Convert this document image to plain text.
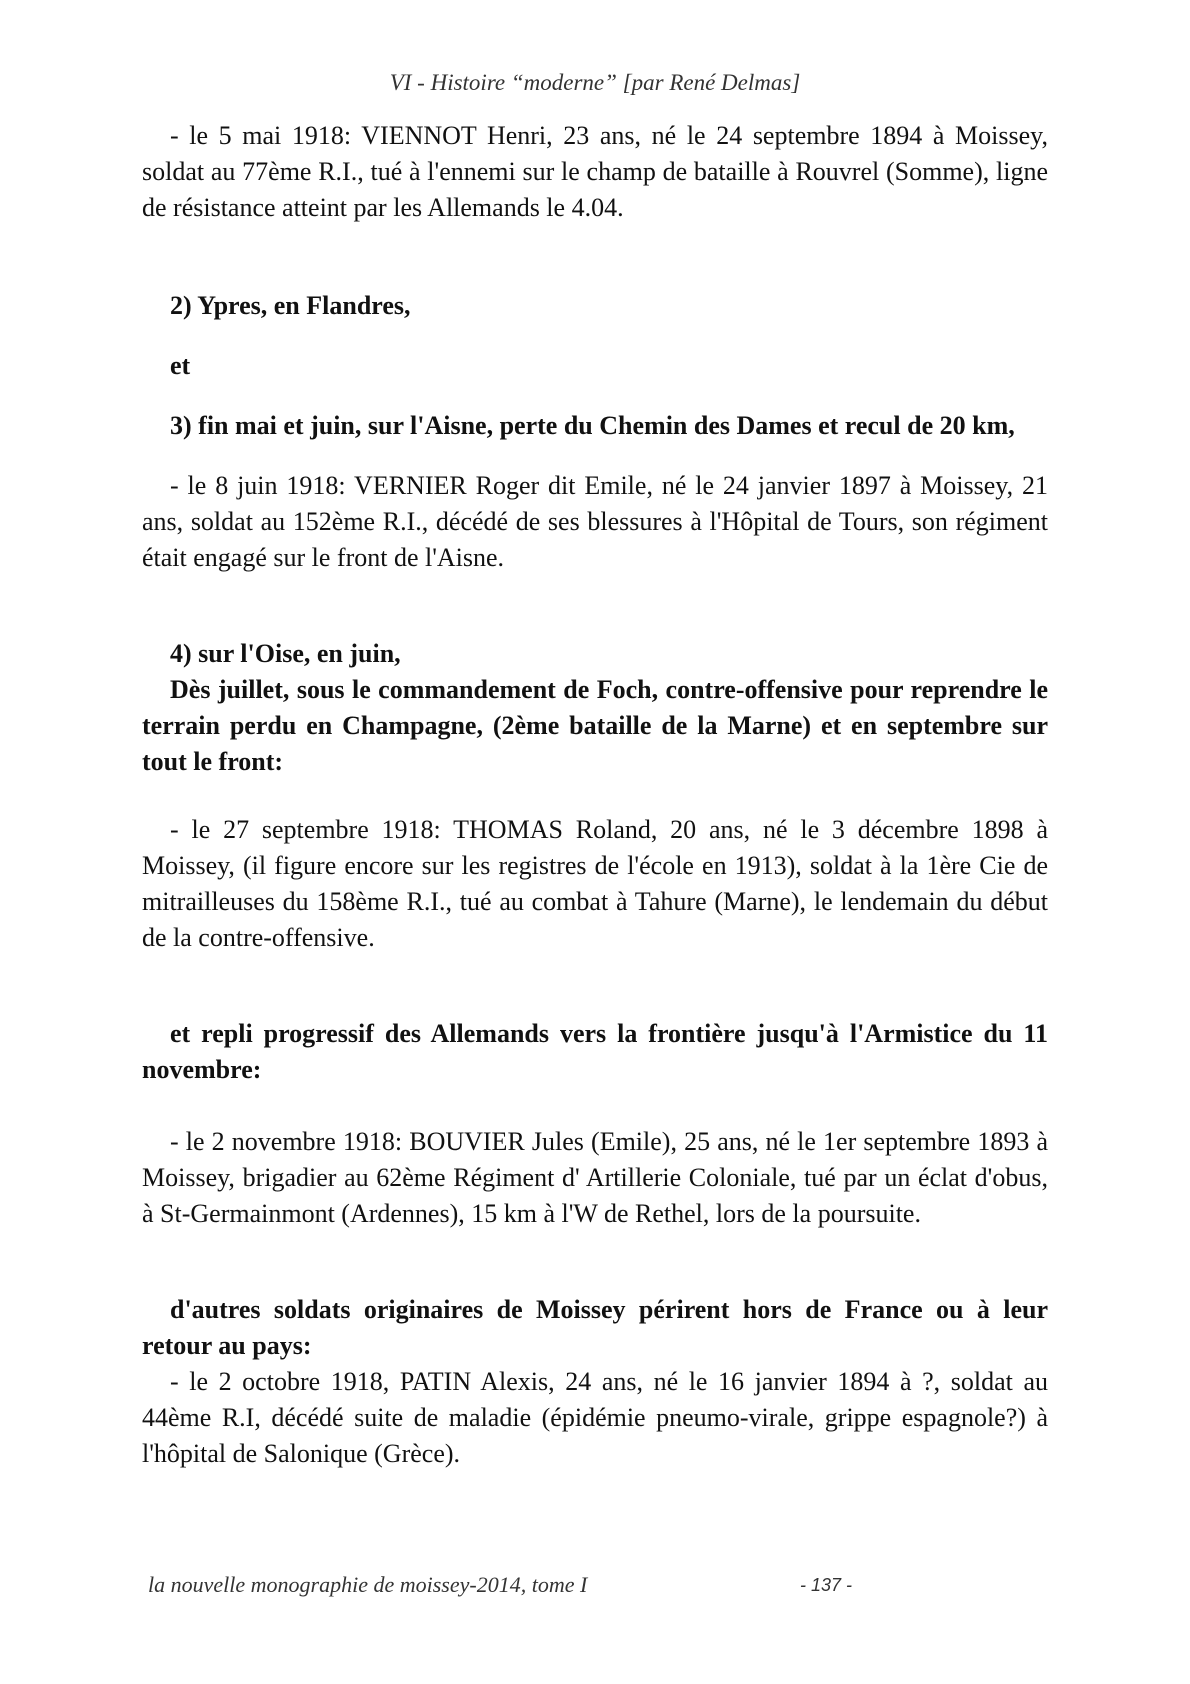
VI - Histoire “moderne” [par René Delmas]

- le 5 mai 1918: VIENNOT Henri, 23 ans, né le 24 septembre 1894 à Moissey, soldat au 77ème R.I., tué à l'ennemi sur le champ de bataille à Rouvrel (Somme), ligne de résistance atteint par les Allemands le 4.04.

2) Ypres, en Flandres,

et

3) fin mai et juin, sur l'Aisne, perte du Chemin des Dames et recul de 20 km,

- le 8 juin 1918: VERNIER Roger dit Emile, né le 24 janvier 1897 à Moissey, 21 ans, soldat au 152ème R.I., décédé de ses blessures à l'Hôpital de Tours, son régiment était engagé sur le front de l'Aisne.

4) sur l'Oise, en juin,

Dès juillet, sous le commandement de Foch, contre-offensive pour reprendre le terrain perdu en Champagne, (2ème bataille de la Marne) et en septembre sur tout le front:

- le 27 septembre 1918: THOMAS Roland, 20 ans, né le 3 décembre 1898 à Moissey, (il figure encore sur les registres de l'école en 1913), soldat à la 1ère Cie de mitrailleuses du 158ème R.I., tué au combat à Tahure (Marne), le lendemain du début de la contre-offensive.

et repli progressif des Allemands vers la frontière jusqu'à l'Armistice du 11 novembre:

- le 2 novembre 1918: BOUVIER Jules (Emile), 25 ans, né le 1er septembre 1893 à Moissey, brigadier au 62ème Régiment d' Artillerie Coloniale, tué par un éclat d'obus, à St-Germainmont (Ardennes), 15 km à l'W de Rethel, lors de la poursuite.

d'autres soldats originaires de Moissey périrent hors de France ou à leur retour au pays:

- le 2 octobre 1918, PATIN Alexis, 24 ans, né le 16 janvier 1894 à ?, soldat au 44ème R.I, décédé suite de maladie (épidémie pneumo-virale, grippe espagnole?) à l'hôpital de Salonique (Grèce).

la nouvelle monographie de moissey-2014, tome I	- 137 -
